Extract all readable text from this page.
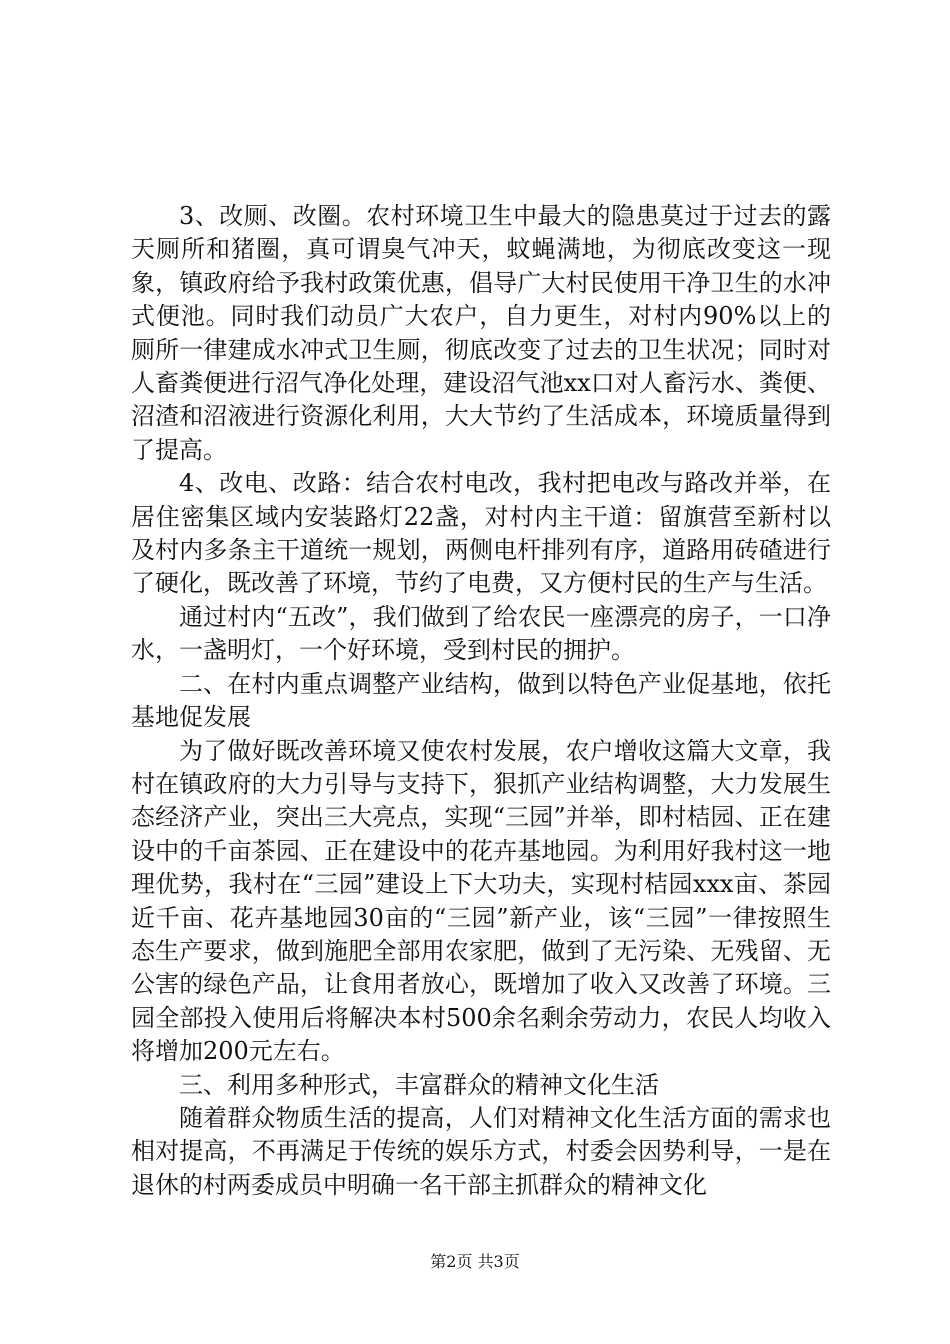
3、改厕、改圈。农村环境卫生中最大的隐患莫过于过去的露天厕所和猪圈，真可谓臭气冲天，蚊蝇满地，为彻底改变这一现象，镇政府给予我村政策优惠，倡导广大村民使用干净卫生的水冲式便池。同时我们动员广大农户，自力更生，对村内90%以上的厕所一律建成水冲式卫生厕，彻底改变了过去的卫生状况；同时对人畜粪便进行沼气净化处理，建设沼气池xx口对人畜污水、粪便、沼渣和沼液进行资源化利用，大大节约了生活成本，环境质量得到了提高。

4、改电、改路：结合农村电改，我村把电改与路改并举，在居住密集区域内安装路灯22盏，对村内主干道：留旗营至新村以及村内多条主干道统一规划，两侧电杆排列有序，道路用砖碴进行了硬化，既改善了环境，节约了电费，又方便村民的生产与生活。

通过村内“五改”，我们做到了给农民一座漂亮的房子，一口净水，一盏明灯，一个好环境，受到村民的拥护。

二、在村内重点调整产业结构，做到以特色产业促基地，依托基地促发展

为了做好既改善环境又使农村发展，农户增收这篇大文章，我村在镇政府的大力引导与支持下，狠抓产业结构调整，大力发展生态经济产业，突出三大亮点，实现“三园”并举，即村桔园、正在建设中的千亩茶园、正在建设中的花卉基地园。为利用好我村这一地理优势，我村在“三园”建设上下大功夫，实现村桔园xxx亩、茶园近千亩、花卉基地园30亩的“三园”新产业，该“三园”一律按照生态生产要求，做到施肥全部用农家肥，做到了无污染、无残留、无公害的绿色产品，让食用者放心，既增加了收入又改善了环境。三园全部投入使用后将解决本村500余名剩余劳动力，农民人均收入将增加200元左右。

三、利用多种形式，丰富群众的精神文化生活

随着群众物质生活的提高，人们对精神文化生活方面的需求也相对提高，不再满足于传统的娱乐方式，村委会因势利导，一是在退休的村两委成员中明确一名干部主抓群众的精神文化

第2页 共3页
